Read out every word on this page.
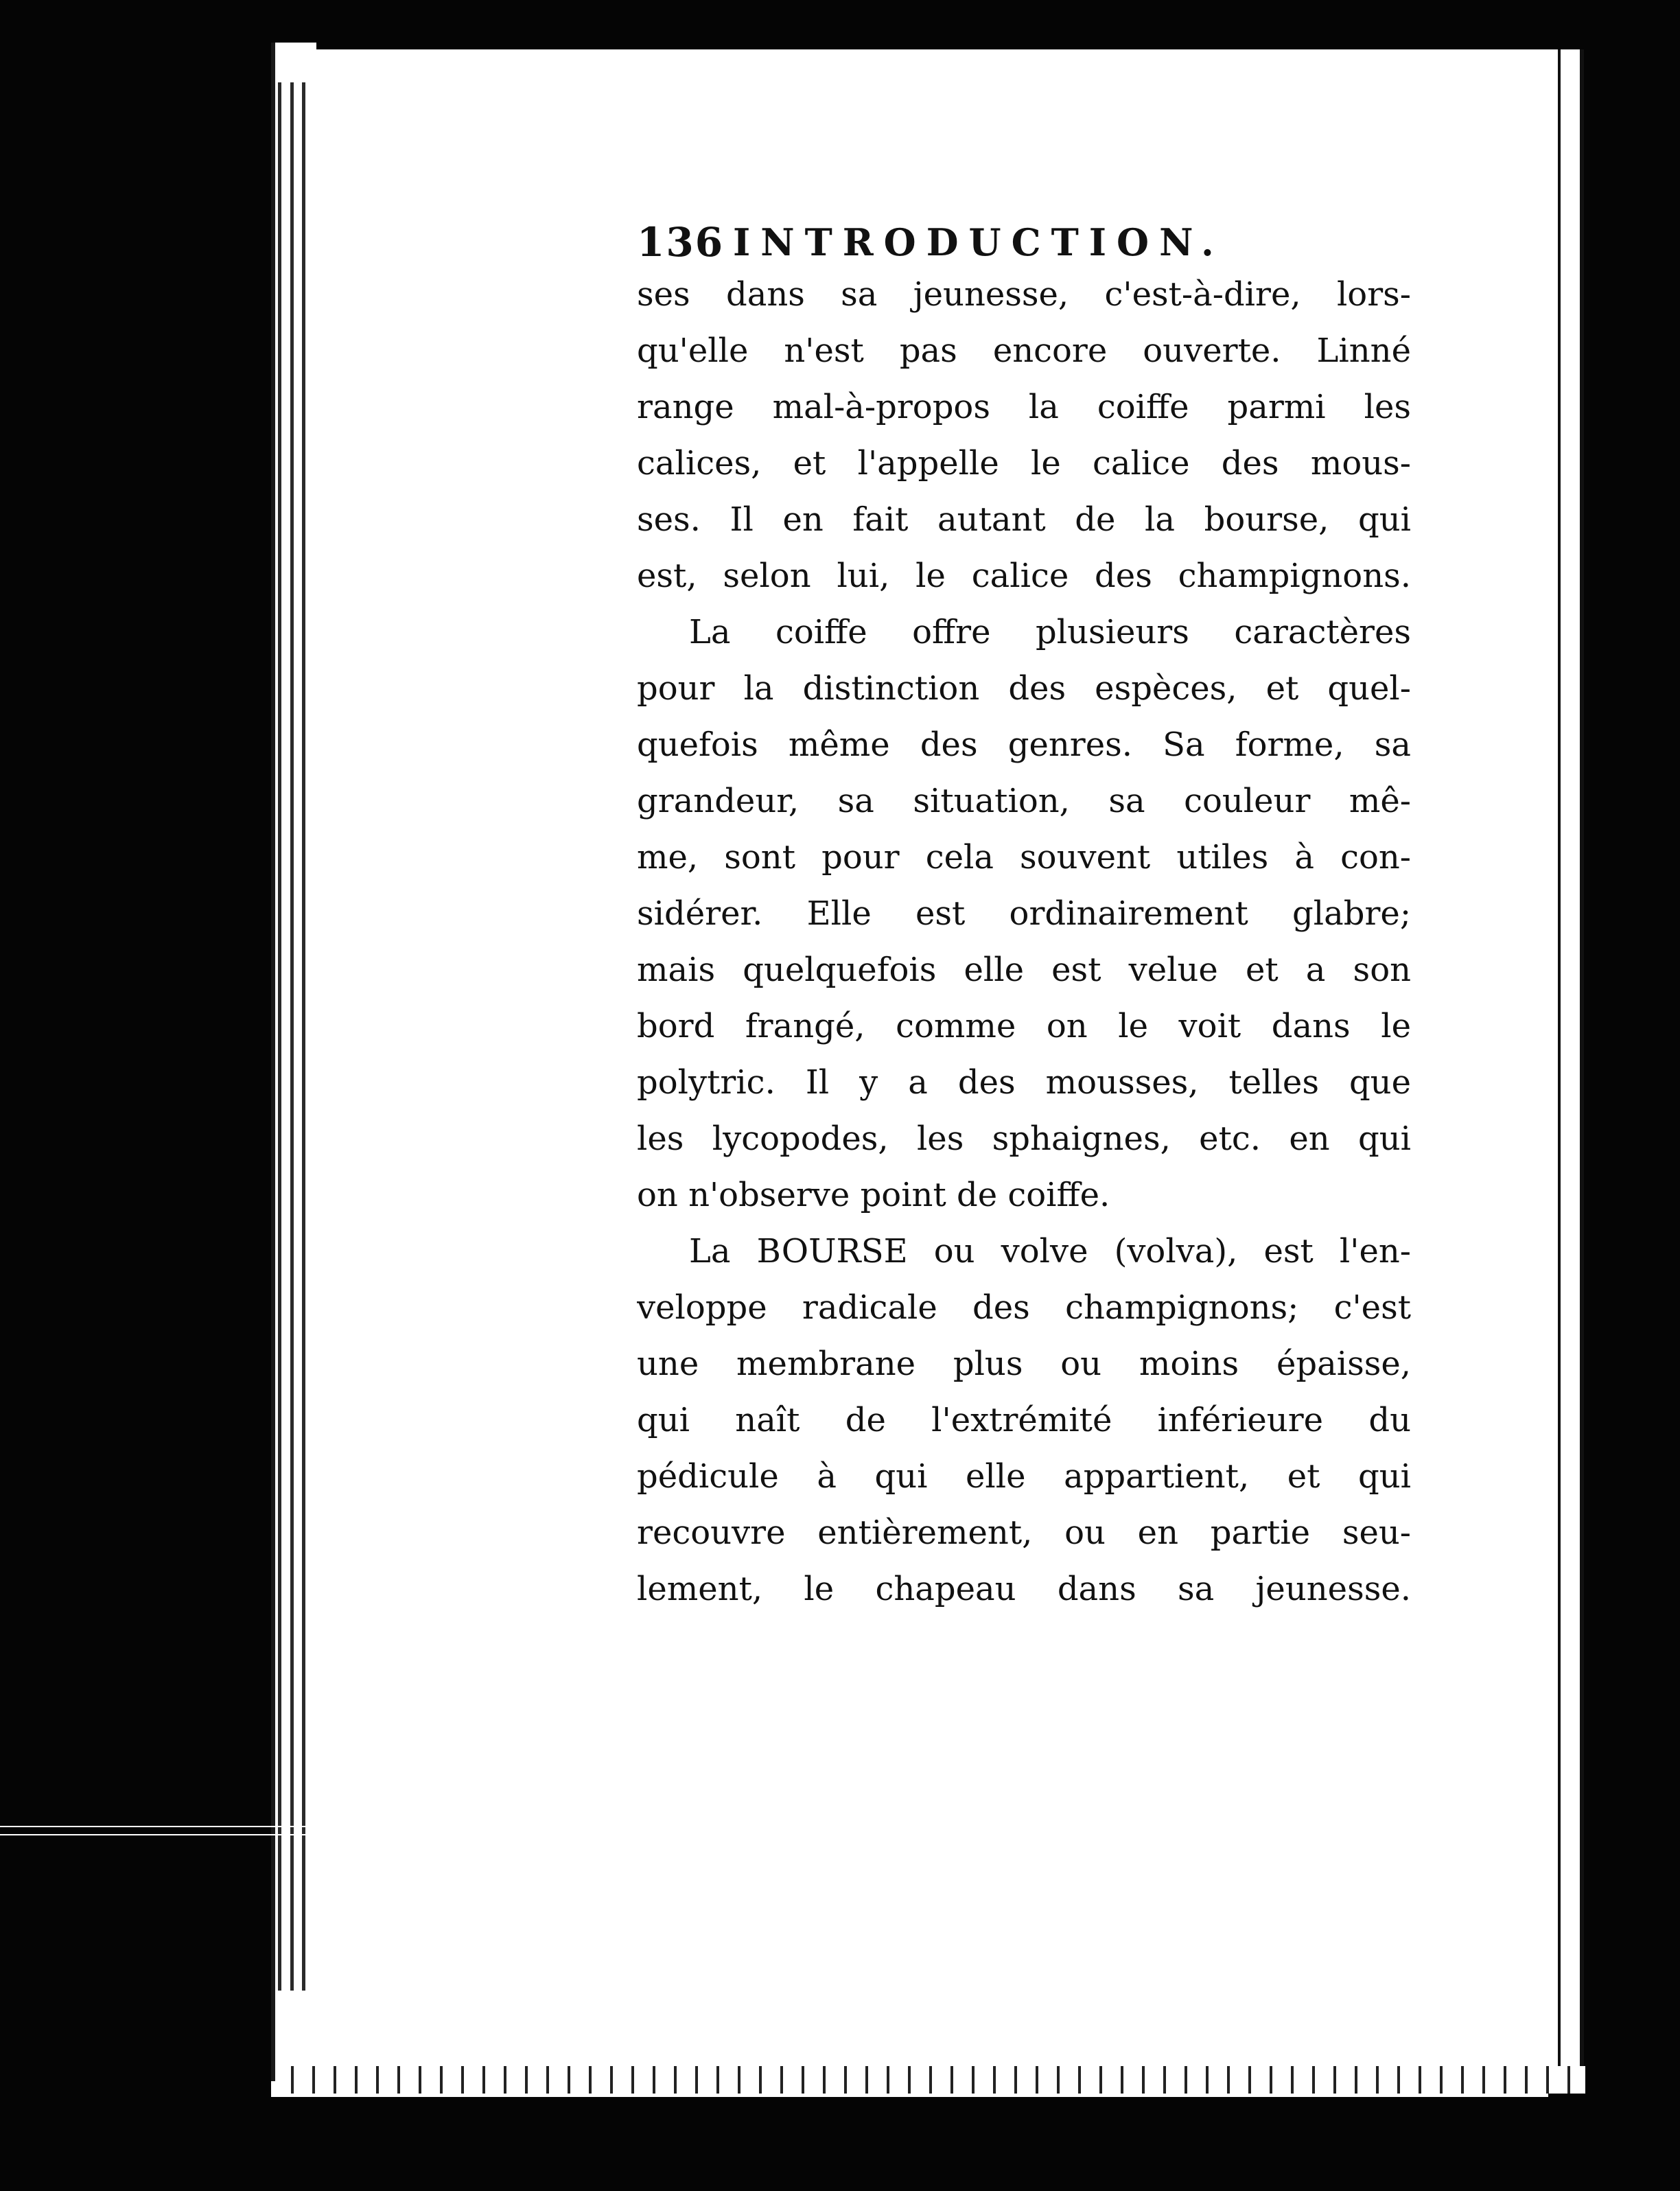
136 INTRODUCTION.
ses dans sa jeunesse, c'est-à-dire, lors-
qu'elle n'est pas encore ouverte. Linné
range mal-à-propos la coiffe parmi les
calices, et l'appelle le calice des mous-
ses. Il en fait autant de la bourse, qui
est, selon lui, le calice des champignons.
La coiffe offre plusieurs caractères
pour la distinction des espèces, et quel-
quefois même des genres. Sa forme, sa
grandeur, sa situation, sa couleur mê-
me, sont pour cela souvent utiles à con-
sidérer. Elle est ordinairement glabre;
mais quelquefois elle est velue et a son
bord frangé, comme on le voit dans le
polytric. Il y a des mousses, telles que
les lycopodes, les sphaignes, etc. en qui
on n'observe point de coiffe.
La BOURSE ou volve (volva), est l'en-
veloppe radicale des champignons; c'est
une membrane plus ou moins épaisse,
qui naît de l'extrémité inférieure du
pédicule à qui elle appartient, et qui
recouvre entièrement, ou en partie seu-
lement, le chapeau dans sa jeunesse.
